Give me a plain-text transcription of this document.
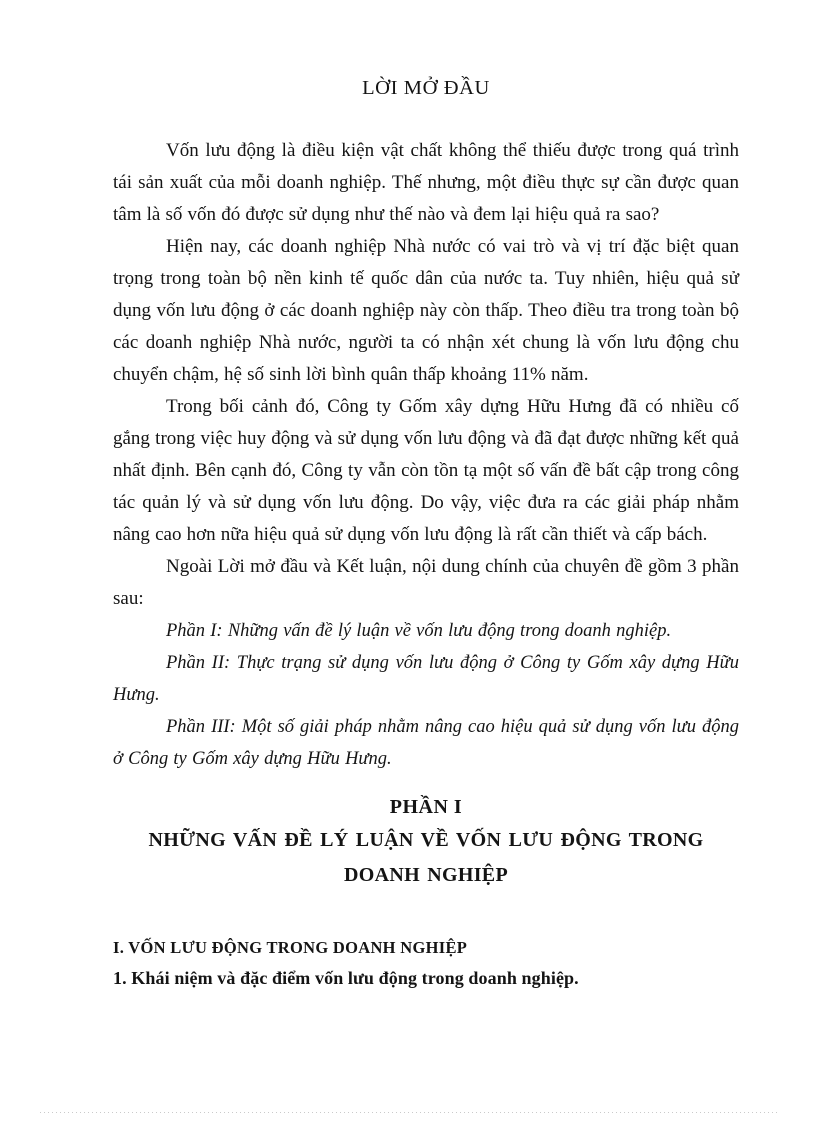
LỜI MỞ ĐẦU

Vốn lưu động là điều kiện vật chất không thể thiếu được trong quá trình tái sản xuất của mỗi doanh nghiệp. Thế nhưng, một điều thực sự cần được quan tâm là số vốn đó được sử dụng như thế nào và đem lại hiệu quả ra sao?

Hiện nay, các doanh nghiệp Nhà nước có vai trò và vị trí đặc biệt quan trọng trong toàn bộ nền kinh tế quốc dân của nước ta. Tuy nhiên, hiệu quả sử dụng vốn lưu động ở các doanh nghiệp này còn thấp. Theo điều tra trong toàn bộ các doanh nghiệp Nhà nước, người ta có nhận xét chung là vốn lưu động chu chuyển chậm, hệ số sinh lời bình quân thấp khoảng 11% năm.

Trong bối cảnh đó, Công ty Gốm xây dựng Hữu Hưng đã có nhiều cố gắng trong việc huy động và sử dụng vốn lưu động và đã đạt được những kết quả nhất định. Bên cạnh đó, Công ty vẫn còn tồn tạ một số vấn đề bất cập trong công tác quản lý và sử dụng vốn lưu động. Do vậy, việc đưa ra các giải pháp nhằm nâng cao hơn nữa hiệu quả sử dụng vốn lưu động là rất cần thiết và cấp bách.

Ngoài Lời mở đầu và Kết luận, nội dung chính của chuyên đề gồm 3 phần sau:

Phần I: Những vấn đề lý luận về vốn lưu động trong doanh nghiệp.

Phần II: Thực trạng sử dụng vốn lưu động ở Công ty Gốm xây dựng Hữu Hưng.

Phần III: Một số giải pháp nhằm nâng cao hiệu quả sử dụng vốn lưu động ở Công ty Gốm xây dựng Hữu Hưng.

PHẦN I
NHỮNG VẤN ĐỀ LÝ LUẬN VỀ VỐN LƯU ĐỘNG TRONG DOANH NGHIỆP
I. VỐN LƯU ĐỘNG TRONG DOANH NGHIỆP
1. Khái niệm và đặc điểm vốn lưu động trong doanh nghiệp.
